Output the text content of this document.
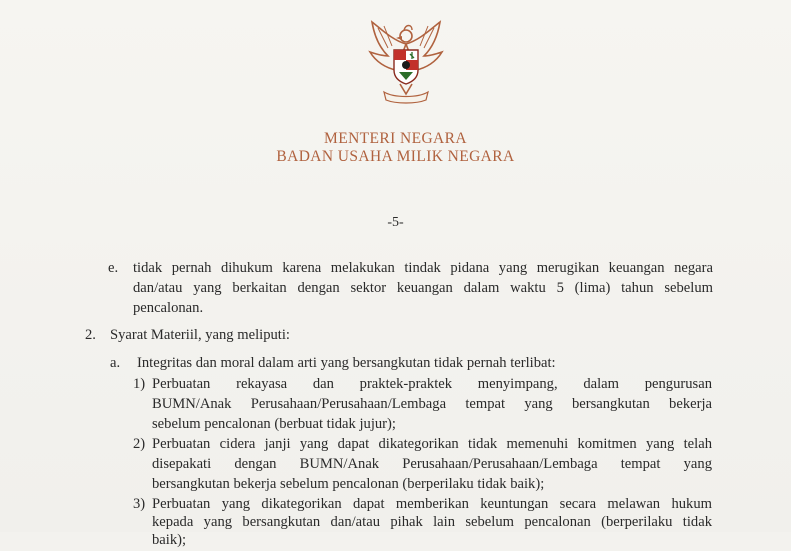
MENTERI NEGARA
BADAN USAHA MILIK NEGARA
-5-
e. tidak pernah dihukum karena melakukan tindak pidana yang merugikan keuangan negara
dan/atau yang berkaitan dengan sektor keuangan dalam waktu 5 (lima) tahun sebelum
pencalonan.
2. Syarat Materiil, yang meliputi:
a. Integritas dan moral dalam arti yang bersangkutan tidak pernah terlibat:
1) Perbuatan rekayasa dan praktek-praktek menyimpang, dalam pengurusan
BUMN/Anak Perusahaan/Perusahaan/Lembaga tempat yang bersangkutan bekerja
sebelum pencalonan (berbuat tidak jujur);
2) Perbuatan cidera janji yang dapat dikategorikan tidak memenuhi komitmen yang telah
disepakati dengan BUMN/Anak Perusahaan/Perusahaan/Lembaga tempat yang
bersangkutan bekerja sebelum pencalonan (berperilaku tidak baik);
3) Perbuatan yang dikategorikan dapat memberikan keuntungan secara melawan hukum
kepada yang bersangkutan dan/atau pihak lain sebelum pencalonan (berperilaku tidak
baik);
